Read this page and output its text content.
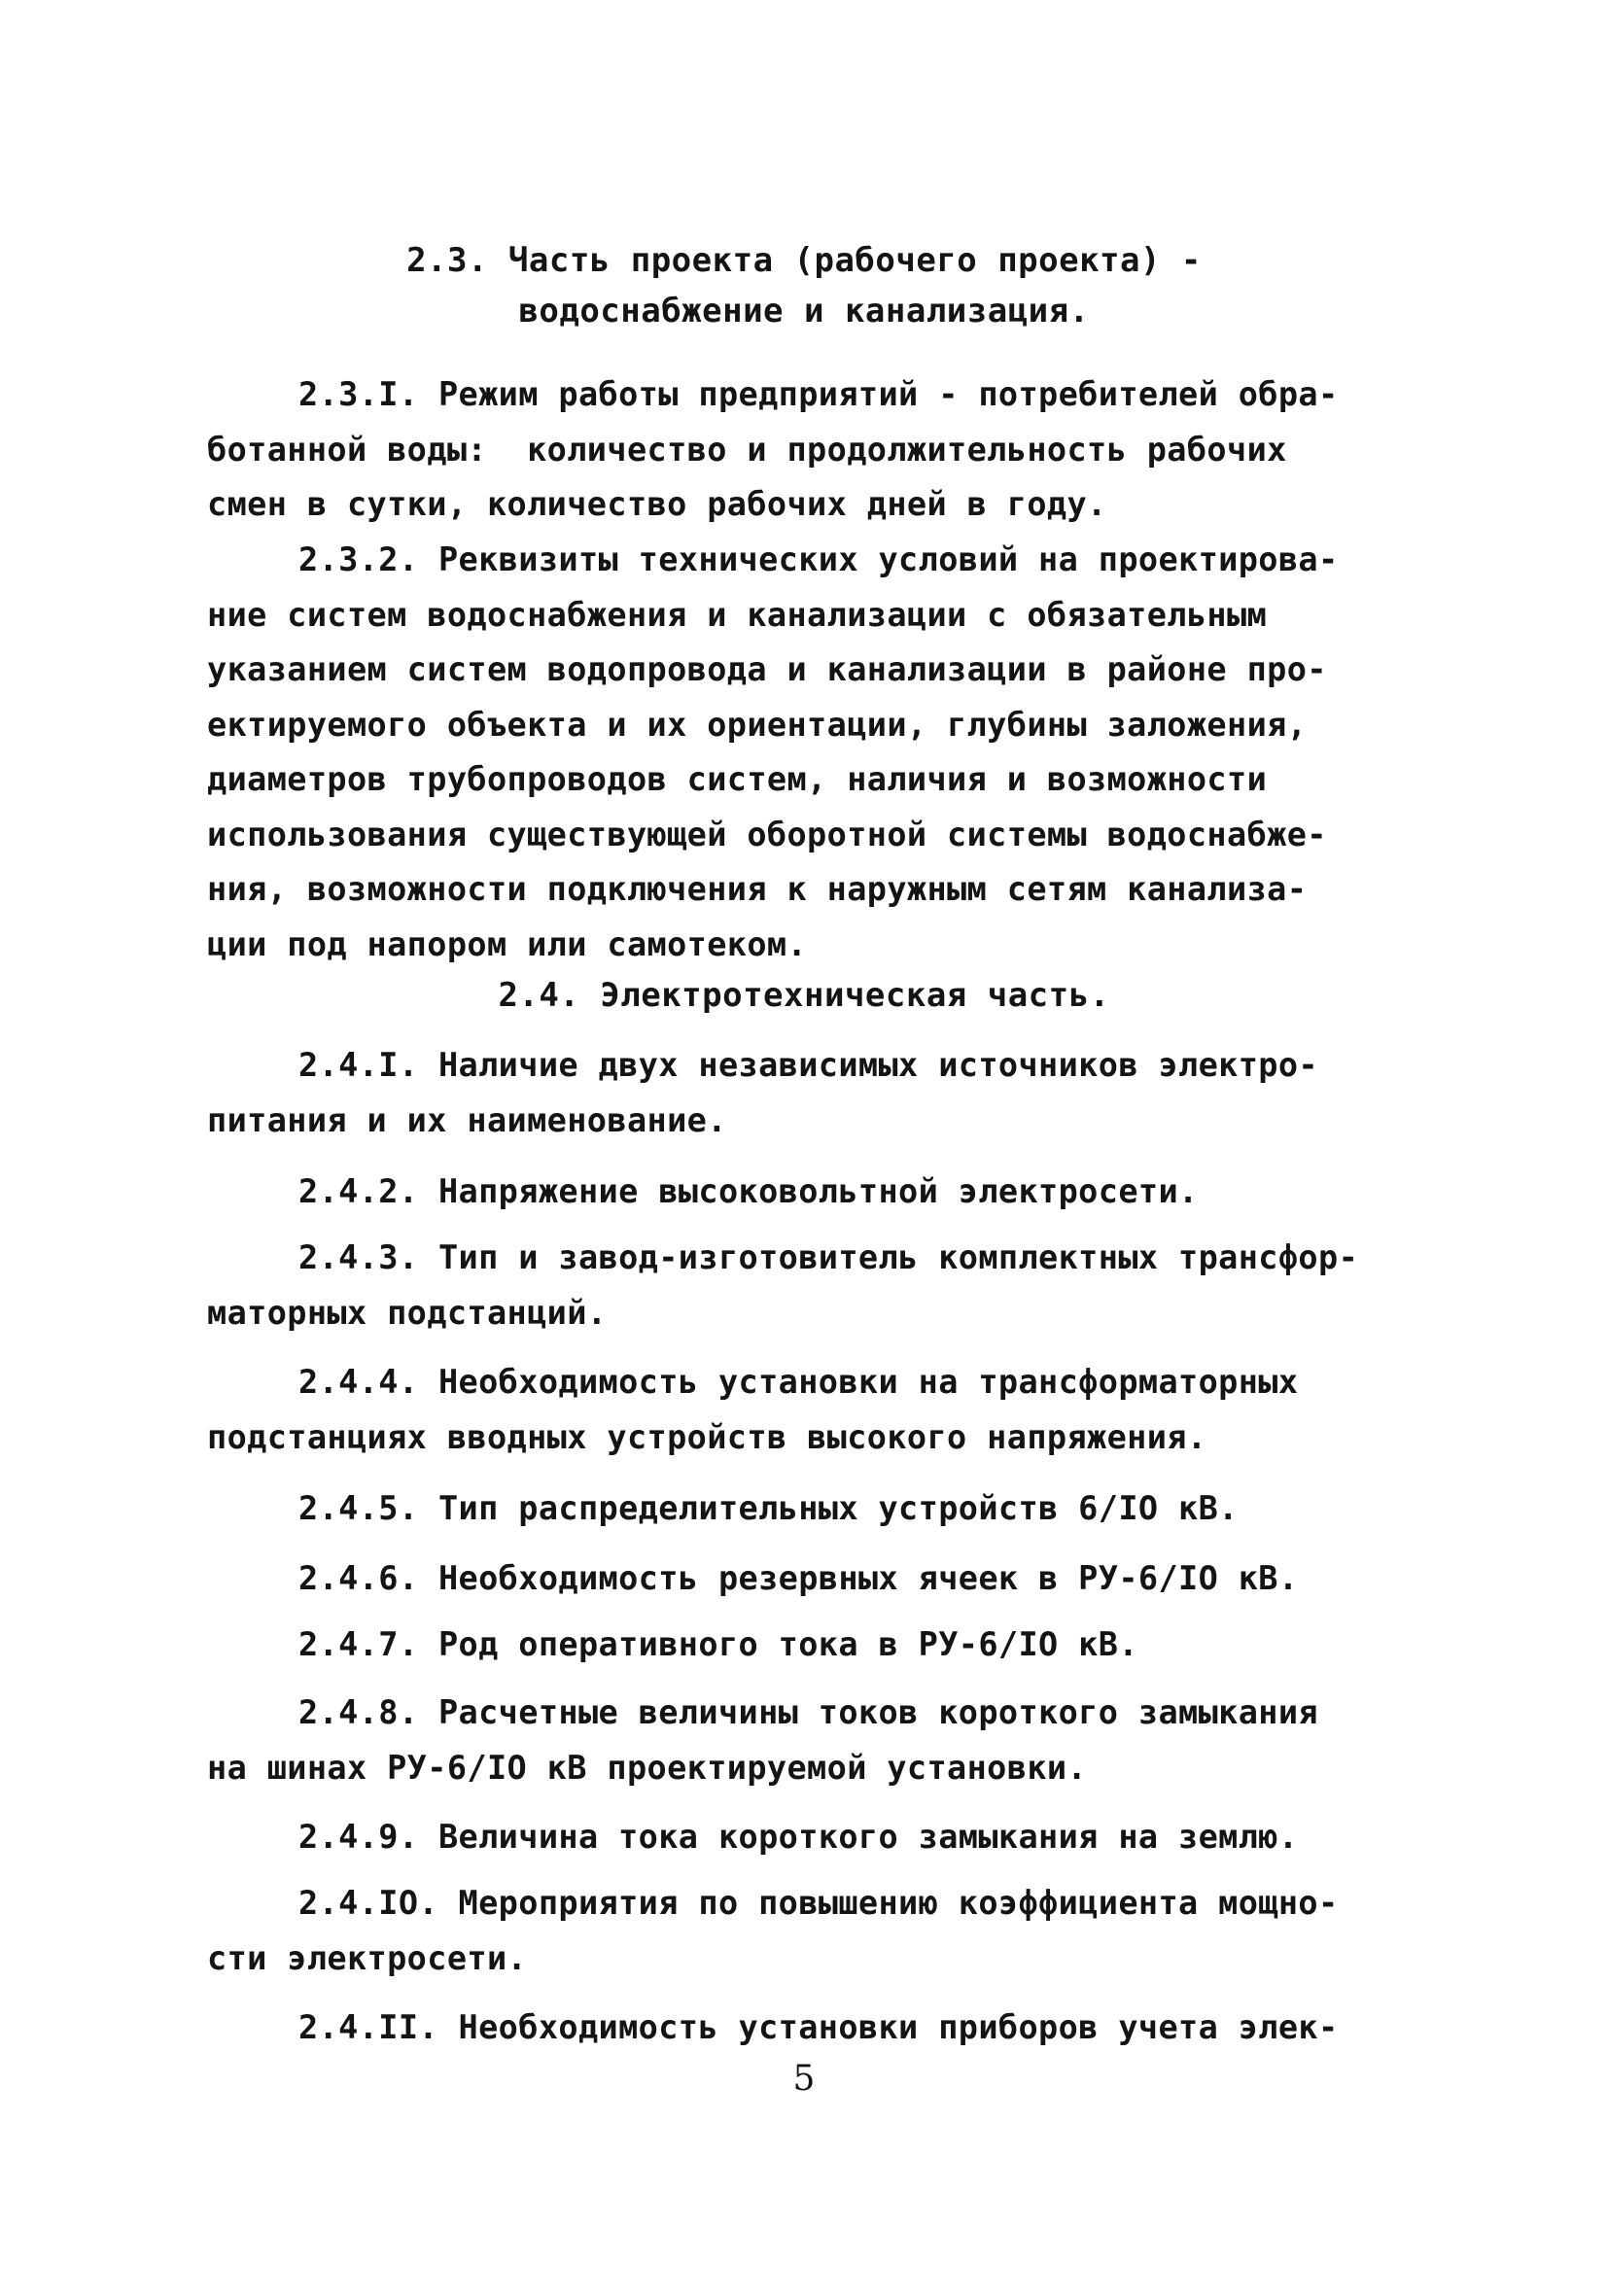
2.3. Часть проекта (рабочего проекта) -
водоснабжение и канализация.
2.3.I. Режим работы предприятий - потребителей обра-
ботанной воды:  количество и продолжительность рабочих
смен в сутки, количество рабочих дней в году.
2.3.2. Реквизиты технических условий на проектирова-
ние систем водоснабжения и канализации с обязательным
указанием систем водопровода и канализации в районе про-
ектируемого объекта и их ориентации, глубины заложения,
диаметров трубопроводов систем, наличия и возможности
использования существующей оборотной системы водоснабже-
ния, возможности подключения к наружным сетям канализа-
ции под напором или самотеком.
2.4. Электротехническая часть.
2.4.I. Наличие двух независимых источников электро-
питания и их наименование.
2.4.2. Напряжение высоковольтной электросети.
2.4.3. Тип и завод-изготовитель комплектных трансфор-
маторных подстанций.
2.4.4. Необходимость установки на трансформаторных
подстанциях вводных устройств высокого напряжения.
2.4.5. Тип распределительных устройств 6/IO кВ.
2.4.6. Необходимость резервных ячеек в РУ-6/IO кВ.
2.4.7. Род оперативного тока в РУ-6/IO кВ.
2.4.8. Расчетные величины токов короткого замыкания
на шинах РУ-6/IO кВ проектируемой установки.
2.4.9. Величина тока короткого замыкания на землю.
2.4.IO. Мероприятия по повышению коэффициента мощно-
сти электросети.
2.4.II. Необходимость установки приборов учета элек-
5
